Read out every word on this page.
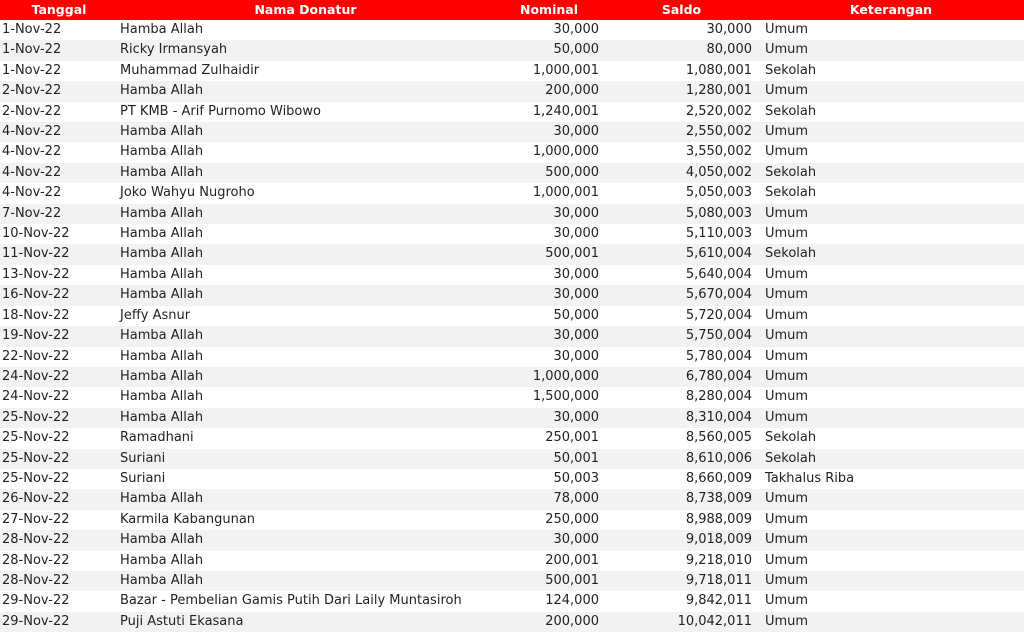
Tanggal	Nama Donatur	Nominal	Saldo	Keterangan
1-Nov-22	Hamba Allah	30,000	30,000	Umum
1-Nov-22	Ricky Irmansyah	50,000	80,000	Umum
1-Nov-22	Muhammad Zulhaidir	1,000,001	1,080,001	Sekolah
2-Nov-22	Hamba Allah	200,000	1,280,001	Umum
2-Nov-22	PT KMB - Arif Purnomo Wibowo	1,240,001	2,520,002	Sekolah
4-Nov-22	Hamba Allah	30,000	2,550,002	Umum
4-Nov-22	Hamba Allah	1,000,000	3,550,002	Umum
4-Nov-22	Hamba Allah	500,000	4,050,002	Sekolah
4-Nov-22	Joko Wahyu Nugroho	1,000,001	5,050,003	Sekolah
7-Nov-22	Hamba Allah	30,000	5,080,003	Umum
10-Nov-22	Hamba Allah	30,000	5,110,003	Umum
11-Nov-22	Hamba Allah	500,001	5,610,004	Sekolah
13-Nov-22	Hamba Allah	30,000	5,640,004	Umum
16-Nov-22	Hamba Allah	30,000	5,670,004	Umum
18-Nov-22	Jeffy Asnur	50,000	5,720,004	Umum
19-Nov-22	Hamba Allah	30,000	5,750,004	Umum
22-Nov-22	Hamba Allah	30,000	5,780,004	Umum
24-Nov-22	Hamba Allah	1,000,000	6,780,004	Umum
24-Nov-22	Hamba Allah	1,500,000	8,280,004	Umum
25-Nov-22	Hamba Allah	30,000	8,310,004	Umum
25-Nov-22	Ramadhani	250,001	8,560,005	Sekolah
25-Nov-22	Suriani	50,001	8,610,006	Sekolah
25-Nov-22	Suriani	50,003	8,660,009	Takhalus Riba
26-Nov-22	Hamba Allah	78,000	8,738,009	Umum
27-Nov-22	Karmila Kabangunan	250,000	8,988,009	Umum
28-Nov-22	Hamba Allah	30,000	9,018,009	Umum
28-Nov-22	Hamba Allah	200,001	9,218,010	Umum
28-Nov-22	Hamba Allah	500,001	9,718,011	Umum
29-Nov-22	Bazar - Pembelian Gamis Putih Dari Laily Muntasiroh	124,000	9,842,011	Umum
29-Nov-22	Puji Astuti Ekasana	200,000	10,042,011	Umum
